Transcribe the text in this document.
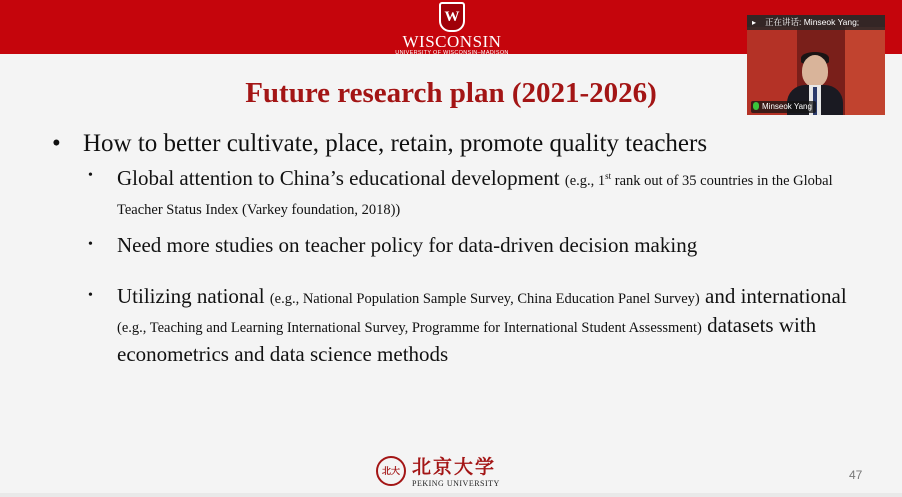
W
WISCONSIN
UNIVERSITY OF WISCONSIN–MADISON
Future research plan (2021-2026)
• How to better cultivate, place, retain, promote quality teachers
• Global attention to China’s educational development (e.g., 1st rank out of 35 countries in the Global Teacher Status Index (Varkey foundation, 2018))
• Need more studies on teacher policy for data-driven decision making
• Utilizing national (e.g., National Population Sample Survey, China Education Panel Survey) and international (e.g., Teaching and Learning International Survey, Programme for International Student Assessment) datasets with econometrics and data science methods
北大 北京大学
PEKING UNIVERSITY
47
▸ 正在讲话: Minseok Yang;
Minseok Yang
